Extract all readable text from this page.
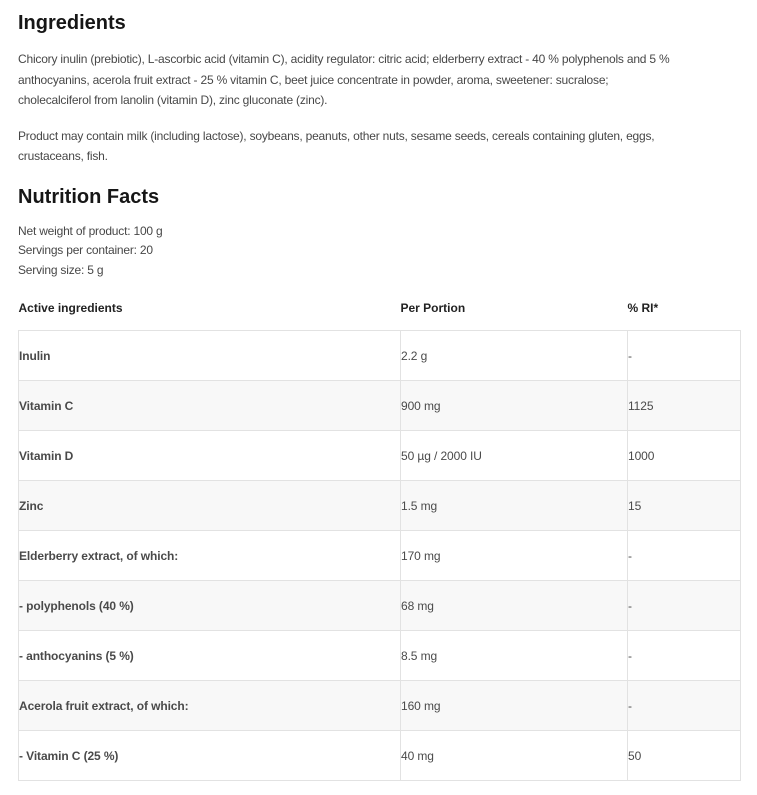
Ingredients
Chicory inulin (prebiotic), L-ascorbic acid (vitamin C), acidity regulator: citric acid; elderberry extract - 40 % polyphenols and 5 %
anthocyanins, acerola fruit extract - 25 % vitamin C, beet juice concentrate in powder, aroma, sweetener: sucralose;
cholecalciferol from lanolin (vitamin D), zinc gluconate (zinc).
Product may contain milk (including lactose), soybeans, peanuts, other nuts, sesame seeds, cereals containing gluten, eggs,
crustaceans, fish.
Nutrition Facts
Net weight of product: 100 g
Servings per container: 20
Serving size: 5 g
Active ingredients	Per Portion	% RI*
Inulin	2.2 g	-
Vitamin C	900 mg	1125
Vitamin D	50 µg / 2000 IU	1000
Zinc	1.5 mg	15
Elderberry extract, of which:	170 mg	-
- polyphenols (40 %)	68 mg	-
- anthocyanins (5 %)	8.5 mg	-
Acerola fruit extract, of which:	160 mg	-
- Vitamin C (25 %)	40 mg	50
